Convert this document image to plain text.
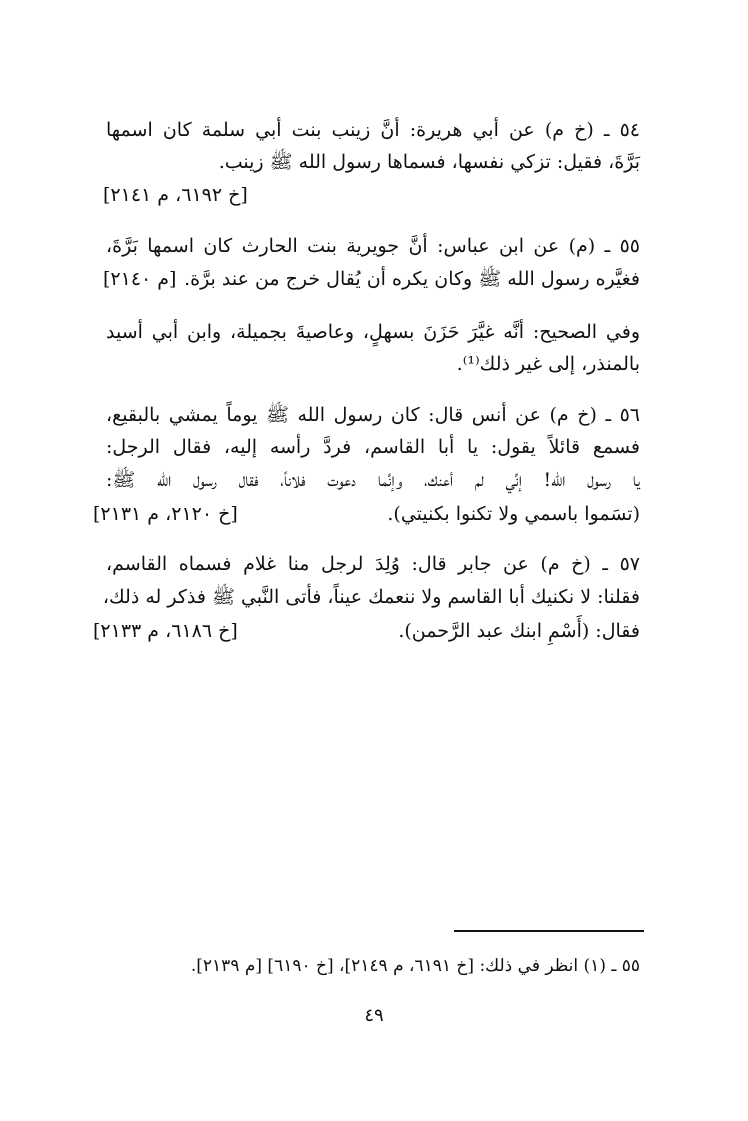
٥٤ ـ (خ م) عن أبي هريرة: أنَّ زينب بنت أبي سلمة كان اسمها

بَرَّةَ، فقيل: تزكي نفسها، فسماها رسول الله ﷺ زينب.

[خ ٦١٩٢، م ٢١٤١]

٥٥ ـ (م) عن ابن عباس: أنَّ جويرية بنت الحارث كان اسمها بَرَّةَ،

فغيَّره رسول الله ﷺ وكان يكره أن يُقال خرج من عند برَّة.

[م ٢١٤٠]

وفي الصحيح: أنَّه غيَّرَ حَزَنَ بسهلٍ، وعاصيةَ بجميلة، وابن أبي أسيد

بالمنذر، إلى غير ذلك⁽¹⁾.

٥٦ ـ (خ م) عن أنس قال: كان رسول الله ﷺ يوماً يمشي بالبقيع،

فسمع قائلاً يقول: يا أبا القاسم، فردَّ رأسه إليه، فقال الرجل:

يا رسول الله! إنِّي لم أعنك، وإنَّما دعوت فلاناً، فقال رسول الله ﷺ:

(تسَموا باسمي ولا تكنوا بكنيتي).

[خ ٢١٢٠، م ٢١٣١]

٥٧ ـ (خ م) عن جابر قال: وُلِدَ لرجل منا غلام فسماه القاسم،

فقلنا: لا نكنيك أبا القاسم ولا ننعمك عيناً، فأتى النَّبي ﷺ فذكر له ذلك،

فقال: (أَسْمِ ابنك عبد الرَّحمن).

[خ ٦١٨٦، م ٢١٣٣]

٥٥ ـ (١) انظر في ذلك: [خ ٦١٩١، م ٢١٤٩]، [خ ٦١٩٠] [م ٢١٣٩].

٤٩
